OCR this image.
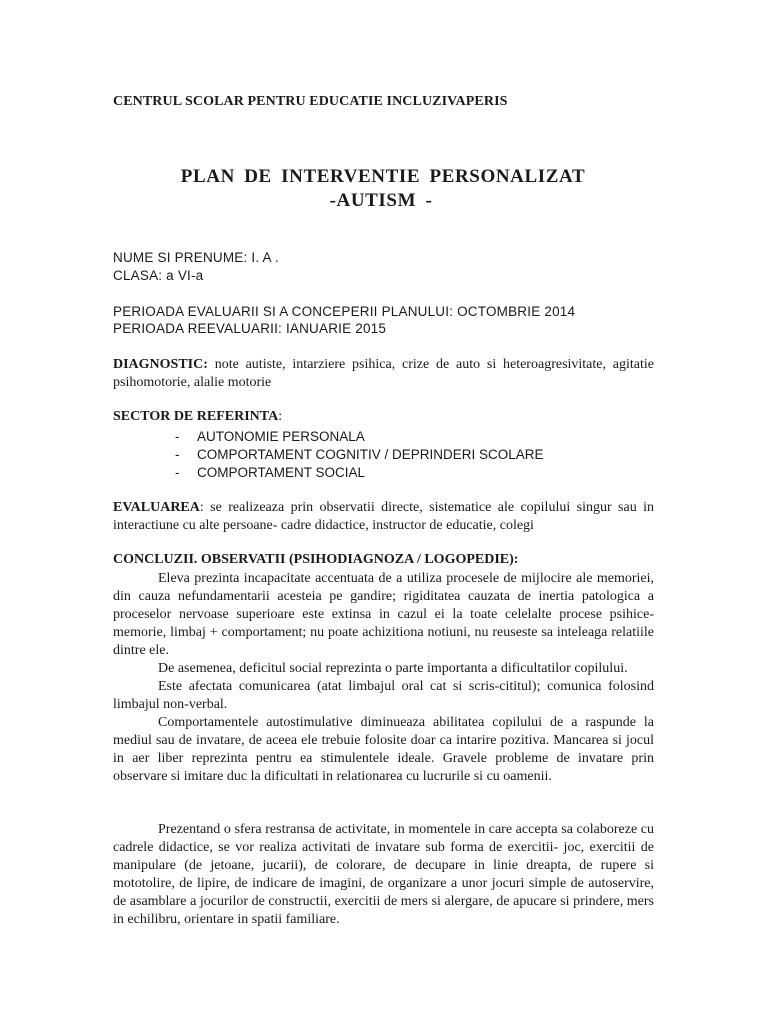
CENTRUL SCOLAR PENTRU EDUCATIE INCLUZIVAPERIS
PLAN DE INTERVENTIE PERSONALIZAT
-AUTISM -
NUME SI PRENUME: I. A .
CLASA: a VI-a
PERIOADA EVALUARII SI A CONCEPERII PLANULUI: OCTOMBRIE 2014
PERIOADA REEVALUARII: IANUARIE 2015
DIAGNOSTIC: note autiste, intarziere psihica, crize de auto si heteroagresivitate, agitatie psihomotorie, alalie motorie
SECTOR DE REFERINTA:
-	AUTONOMIE PERSONALA
-	COMPORTAMENT COGNITIV / DEPRINDERI SCOLARE
-	COMPORTAMENT SOCIAL
EVALUAREA: se realizeaza prin observatii directe, sistematice ale copilului singur sau in interactiune cu alte persoane- cadre didactice, instructor de educatie, colegi
CONCLUZII. OBSERVATII (PSIHODIAGNOZA / LOGOPEDIE):

Eleva prezinta incapacitate accentuata de a utiliza procesele de mijlocire ale memoriei, din cauza nefundamentarii acesteia pe gandire; rigiditatea cauzata de inertia patologica a proceselor nervoase superioare este extinsa in cazul ei la toate celelalte procese psihice- memorie, limbaj + comportament; nu poate achizitiona notiuni, nu reuseste sa inteleaga relatiile dintre ele.

De asemenea, deficitul social reprezinta o parte importanta a dificultatilor copilului.

Este afectata comunicarea (atat limbajul oral cat si scris-cititul); comunica folosind limbajul non-verbal.

Comportamentele autostimulative diminueaza abilitatea copilului de a raspunde la mediul sau de invatare, de aceea ele trebuie folosite doar ca intarire pozitiva. Mancarea si jocul in aer liber reprezinta pentru ea stimulentele ideale. Gravele probleme de invatare prin observare si imitare duc la dificultati in relationarea cu lucrurile si cu oamenii.

Prezentand o sfera restransa de activitate, in momentele in care accepta sa colaboreze cu cadrele didactice, se vor realiza activitati de invatare sub forma de exercitii- joc, exercitii de manipulare (de jetoane, jucarii), de colorare, de decupare in linie dreapta, de rupere si mototolire, de lipire, de indicare de imagini, de organizare a unor jocuri simple de autoservire, de asamblare a jocurilor de constructii, exercitii de mers si alergare, de apucare si prindere, mers in echilibru, orientare in spatii familiare.
